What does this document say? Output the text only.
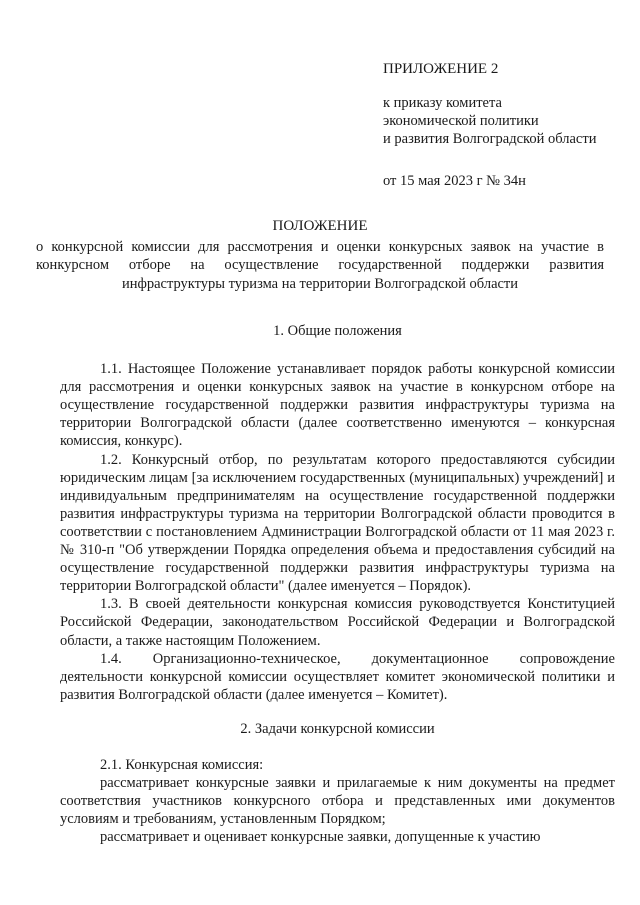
ПРИЛОЖЕНИЕ 2
к приказу комитета
экономической политики
и развития Волгоградской области
от 15 мая 2023 г № 34н
ПОЛОЖЕНИЕ
о конкурсной комиссии для рассмотрения и оценки конкурсных заявок на участие в конкурсном отборе на осуществление государственной поддержки развития инфраструктуры туризма на территории Волгоградской области
1. Общие положения

1.1. Настоящее Положение устанавливает порядок работы конкурсной комиссии для рассмотрения и оценки конкурсных заявок на участие в конкурсном отборе на осуществление государственной поддержки развития инфраструктуры туризма на территории Волгоградской области (далее соответственно именуются – конкурсная комиссия, конкурс).

1.2. Конкурсный отбор, по результатам которого предоставляются субсидии юридическим лицам [за исключением государственных (муниципальных) учреждений] и индивидуальным предпринимателям на осуществление государственной поддержки развития инфраструктуры туризма на территории Волгоградской области проводится в соответствии с постановлением Администрации Волгоградской области от 11 мая 2023 г. № 310-п "Об утверждении Порядка определения объема и предоставления субсидий на осуществление государственной поддержки развития инфраструктуры туризма на территории Волгоградской области" (далее именуется – Порядок).

1.3. В своей деятельности конкурсная комиссия руководствуется Конституцией Российской Федерации, законодательством Российской Федерации и Волгоградской области, а также настоящим Положением.

1.4. Организационно-техническое, документационное сопровождение деятельности конкурсной комиссии осуществляет комитет экономической политики и развития Волгоградской области (далее именуется – Комитет).

2. Задачи конкурсной комиссии

2.1. Конкурсная комиссия:

рассматривает конкурсные заявки и прилагаемые к ним документы на предмет соответствия участников конкурсного отбора и представленных ими документов условиям и требованиям, установленным Порядком;

рассматривает и оценивает конкурсные заявки, допущенные к участию
